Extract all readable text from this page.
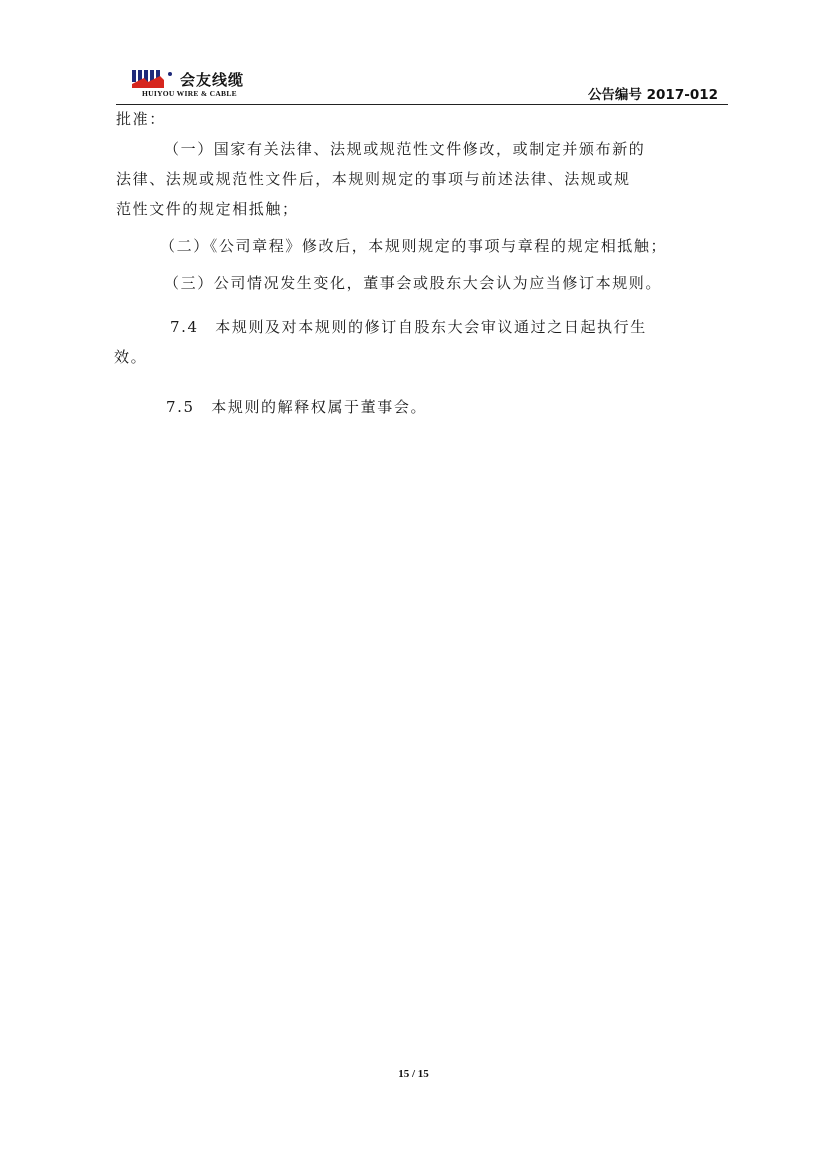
会友线缆
HUIYOU WIRE & CABLE	公告编号 2017-012

批准：

（一）国家有关法律、法规或规范性文件修改，或制定并颁布新的
法律、法规或规范性文件后，本规则规定的事项与前述法律、法规或规
范性文件的规定相抵触；

（二）《公司章程》修改后，本规则规定的事项与章程的规定相抵触；

（三）公司情况发生变化，董事会或股东大会认为应当修订本规则。

7.4　本规则及对本规则的修订自股东大会审议通过之日起执行生
效。

7.5　本规则的解释权属于董事会。

15 / 15
